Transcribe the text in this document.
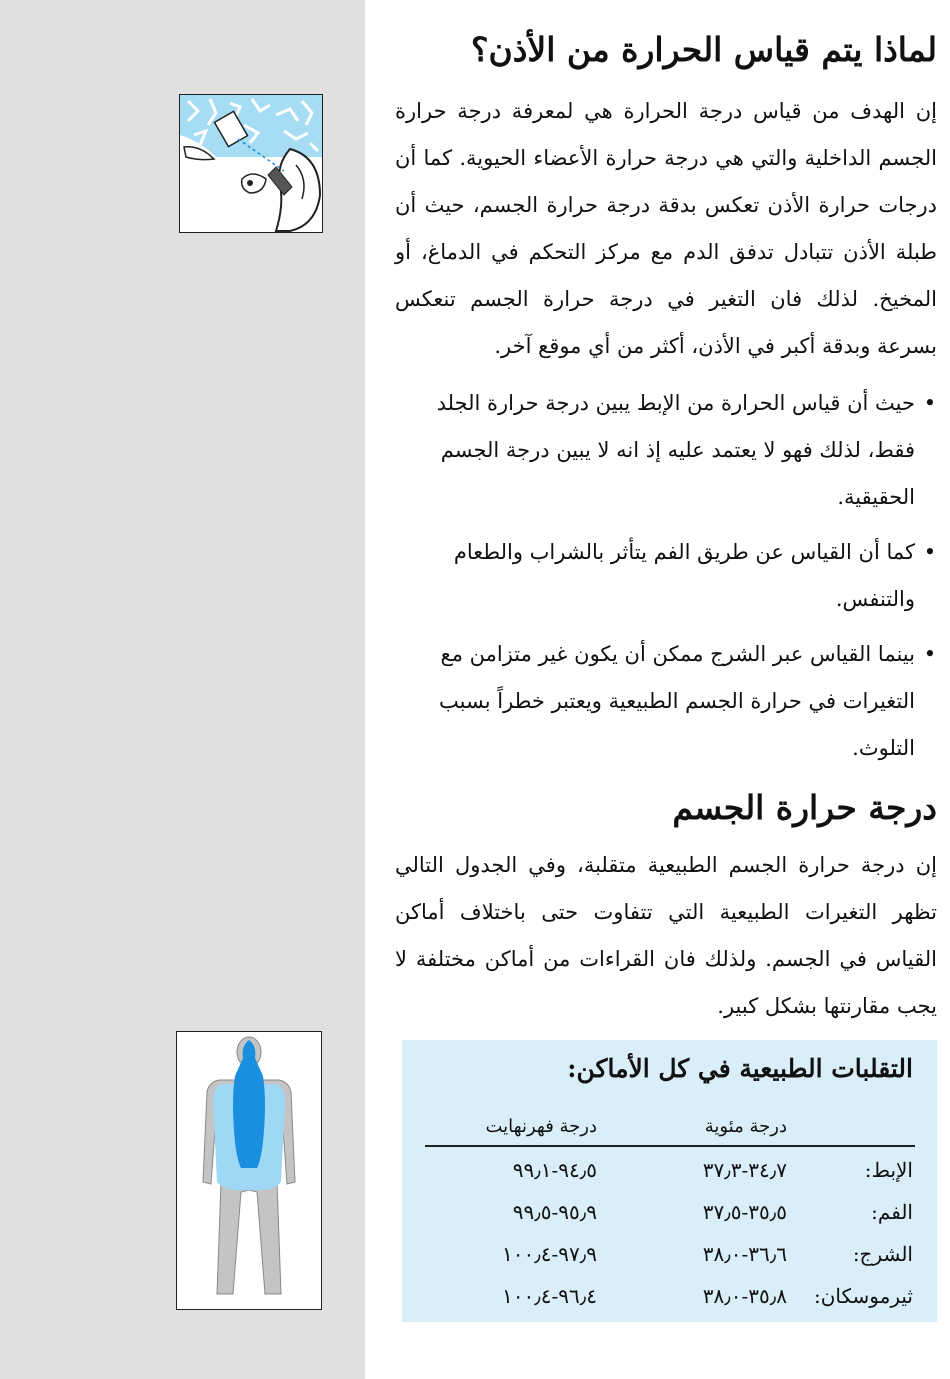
لماذا يتم قياس الحرارة من الأذن؟

إن الهدف من قياس درجة الحرارة هي لمعرفة درجة حرارة الجسم الداخلية والتي هي درجة حرارة الأعضاء الحيوية. كما أن درجات حرارة الأذن تعكس بدقة درجة حرارة الجسم، حيث أن طبلة الأذن تتبادل تدفق الدم مع مركز التحكم في الدماغ، أو المخيخ. لذلك فان التغير في درجة حرارة الجسم تنعكس بسرعة وبدقة أكبر في الأذن، أكثر من أي موقع آخر.

•
حيث أن قياس الحرارة من الإبط يبين درجة حرارة الجلد فقط، لذلك فهو لا يعتمد عليه إذ انه لا يبين درجة الجسم الحقيقية.
•
كما أن القياس عن طريق الفم يتأثر بالشراب والطعام والتنفس.
•
بينما القياس عبر الشرج ممكن أن يكون غير متزامن مع التغيرات في حرارة الجسم الطبيعية ويعتبر خطراً بسبب التلوث.
درجة حرارة الجسم

إن درجة حرارة الجسم الطبيعية متقلبة، وفي الجدول التالي تظهر التغيرات الطبيعية التي تتفاوت حتى باختلاف أماكن القياس في الجسم. ولذلك فان القراءات من أماكن مختلفة لا يجب مقارنتها بشكل كبير.

التقلبات الطبيعية في كل الأماكن:
درجة مئوية
درجة فهرنهايت
الإبط:
٣٤٫٧-٣٧٫٣
٩٤٫٥-٩٩٫١
الفم:
٣٥٫٥-٣٧٫٥
٩٥٫٩-٩٩٫٥
الشرج:
٣٦٫٦-٣٨٫٠
٩٧٫٩-١٠٠٫٤
ثيرموسكان:
٣٥٫٨-٣٨٫٠
٩٦٫٤-١٠٠٫٤
